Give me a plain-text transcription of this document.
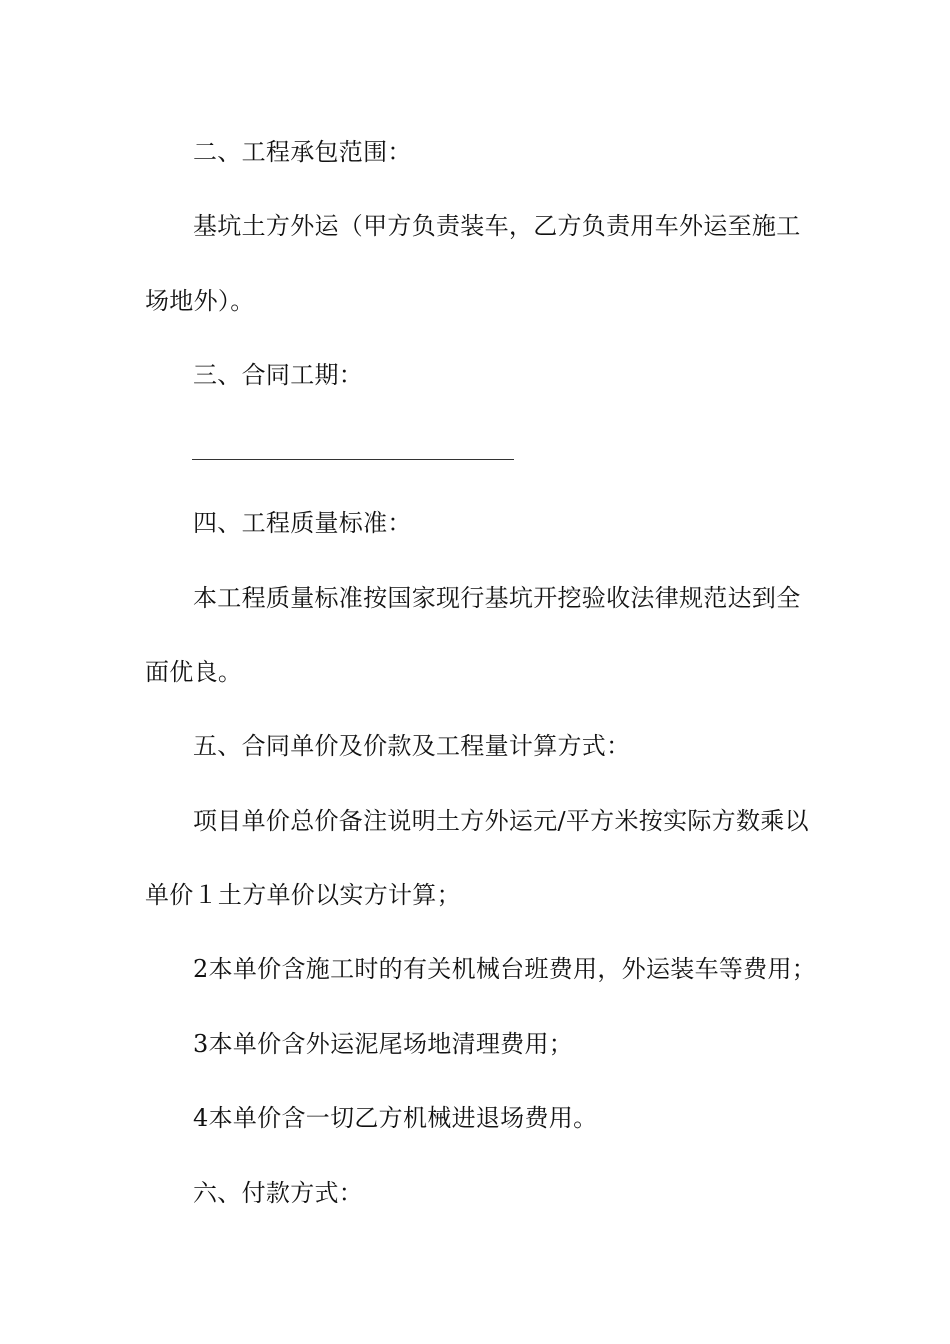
二、工程承包范围：
基坑土方外运（甲方负责装车，乙方负责用车外运至施工
场地外）。
三、合同工期：
四、工程质量标准：
本工程质量标准按国家现行基坑开挖验收法律规范达到全
面优良。
五、合同单价及价款及工程量计算方式：
项目单价总价备注说明土方外运元/平方米按实际方数乘以
单价１土方单价以实方计算；
2本单价含施工时的有关机械台班费用，外运装车等费用；
3本单价含外运泥尾场地清理费用；
4本单价含一切乙方机械进退场费用。
六、付款方式：
